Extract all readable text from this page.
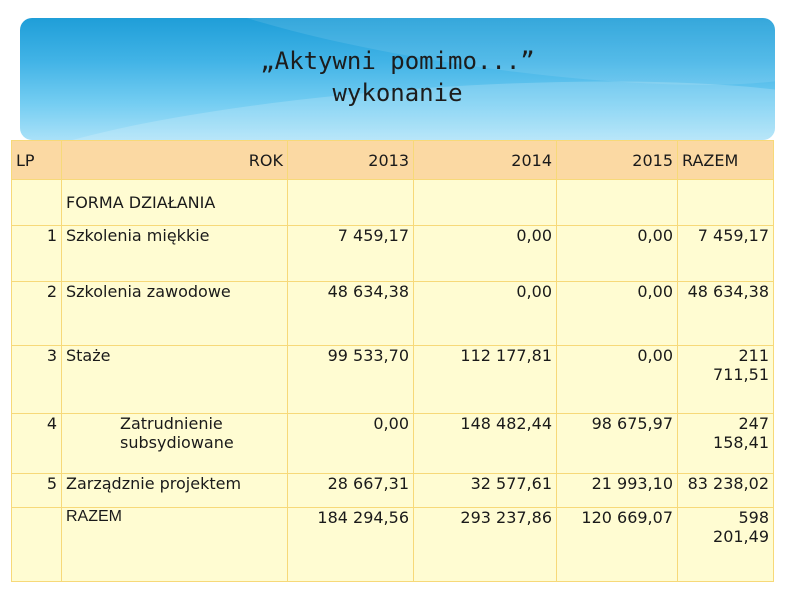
„Aktywni pomimo...”
wykonanie
LP	ROK	2013	2014	2015	RAZEM
	FORMA DZIAŁANIA				
1	Szkolenia miękkie	7 459,17	0,00	0,00	7 459,17
2	Szkolenia zawodowe	48 634,38	0,00	0,00	48 634,38
3	Staże	99 533,70	112 177,81	0,00	211 711,51
4	Zatrudnienie subsydiowane	0,00	148 482,44	98 675,97	247 158,41
5	Zarządznie projektem	28 667,31	32 577,61	21 993,10	83 238,02
	RAZEM	184 294,56	293 237,86	120 669,07	598 201,49
